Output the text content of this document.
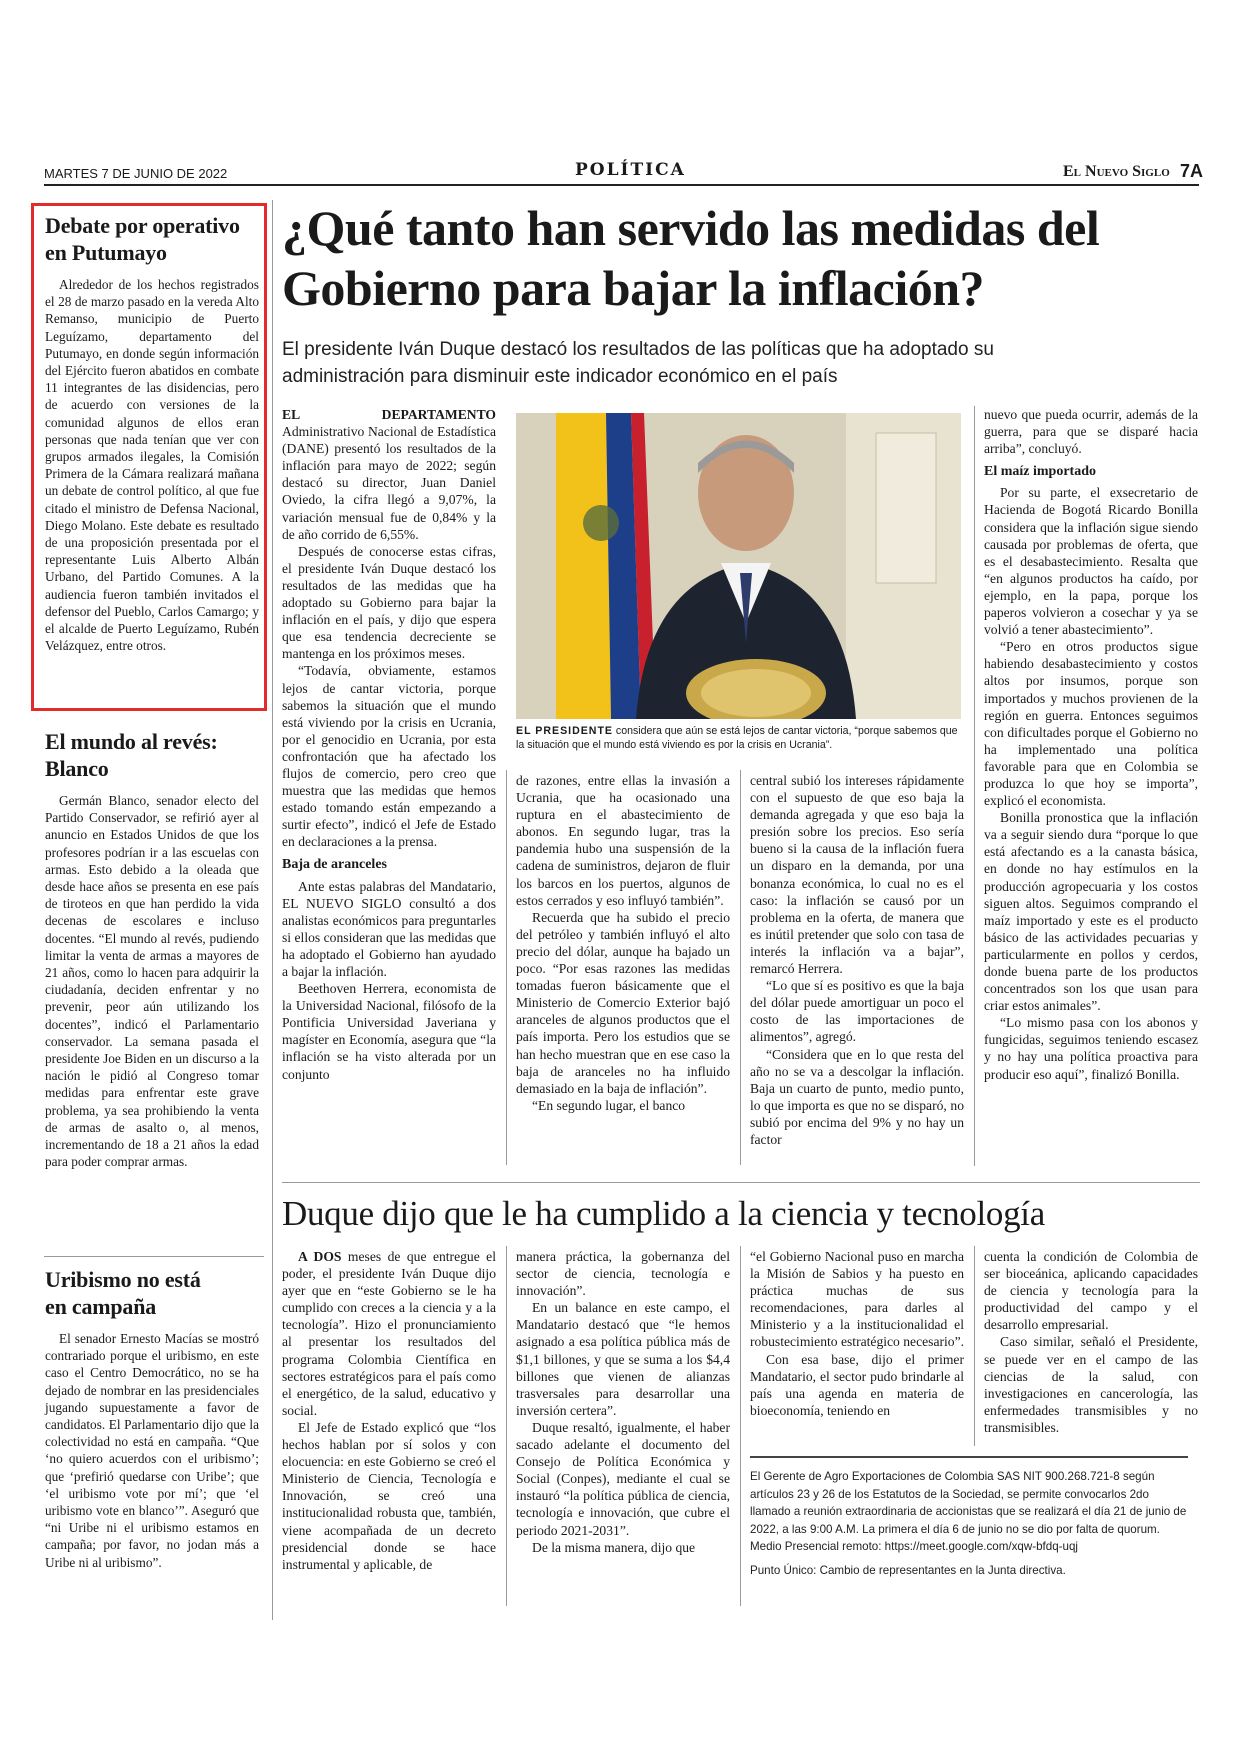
MARTES 7 DE JUNIO DE 2022	POLÍTICA	El Nuevo Siglo 7A
Debate por operativo en Putumayo

Alrededor de los hechos registrados el 28 de marzo pasado en la vereda Alto Remanso, municipio de Puerto Leguízamo, departamento del Putumayo, en donde según información del Ejército fueron abatidos en combate 11 integrantes de las disidencias, pero de acuerdo con versiones de la comunidad algunos de ellos eran personas que nada tenían que ver con grupos armados ilegales, la Comisión Primera de la Cámara realizará mañana un debate de control político, al que fue citado el ministro de Defensa Nacional, Diego Molano. Este debate es resultado de una proposición presentada por el representante Luis Alberto Albán Urbano, del Partido Comunes. A la audiencia fueron también invitados el defensor del Pueblo, Carlos Camargo; y el alcalde de Puerto Leguízamo, Rubén Velázquez, entre otros.

El mundo al revés: Blanco

Germán Blanco, senador electo del Partido Conservador, se refirió ayer al anuncio en Estados Unidos de que los profesores podrían ir a las escuelas con armas. Esto debido a la oleada que desde hace años se presenta en ese país de tiroteos en que han perdido la vida decenas de escolares e incluso docentes. “El mundo al revés, pudiendo limitar la venta de armas a mayores de 21 años, como lo hacen para adquirir la ciudadanía, deciden enfrentar y no prevenir, peor aún utilizando los docentes”, indicó el Parlamentario conservador. La semana pasada el presidente Joe Biden en un discurso a la nación le pidió al Congreso tomar medidas para enfrentar este grave problema, ya sea prohibiendo la venta de armas de asalto o, al menos, incrementando de 18 a 21 años la edad para poder comprar armas.

Uribismo no está en campaña

El senador Ernesto Macías se mostró contrariado porque el uribismo, en este caso el Centro Democrático, no se ha dejado de nombrar en las presidenciales jugando supuestamente a favor de candidatos. El Parlamentario dijo que la colectividad no está en campaña. “Que ‘no quiero acuerdos con el uribismo’; que ‘prefirió quedarse con Uribe’; que ‘el uribismo vote por mí’; que ‘el uribismo vote en blanco’”. Aseguró que “ni Uribe ni el uribismo estamos en campaña; por favor, no jodan más a Uribe ni al uribismo”.

¿Qué tanto han servido las medidas del Gobierno para bajar la inflación?
El presidente Iván Duque destacó los resultados de las políticas que ha adoptado su administración para disminuir este indicador económico en el país

EL DEPARTAMENTO Administrativo Nacional de Estadística (DANE) presentó los resultados de la inflación para mayo de 2022; según destacó su director, Juan Daniel Oviedo, la cifra llegó a 9,07%, la variación mensual fue de 0,84% y la de año corrido de 6,55%.

Después de conocerse estas cifras, el presidente Iván Duque destacó los resultados de las medidas que ha adoptado su Gobierno para bajar la inflación en el país, y dijo que espera que esa tendencia decreciente se mantenga en los próximos meses.

“Todavía, obviamente, estamos lejos de cantar victoria, porque sabemos la situación que el mundo está viviendo por la crisis en Ucrania, por el genocidio en Ucrania, por esta confrontación que ha afectado los flujos de comercio, pero creo que muestra que las medidas que hemos estado tomando están empezando a surtir efecto”, indicó el Jefe de Estado en declaraciones a la prensa.

Baja de aranceles

Ante estas palabras del Mandatario, EL NUEVO SIGLO consultó a dos analistas económicos para preguntarles si ellos consideran que las medidas que ha adoptado el Gobierno han ayudado a bajar la inflación.

Beethoven Herrera, economista de la Universidad Nacional, filósofo de la Pontificia Universidad Javeriana y magíster en Economía, asegura que “la inflación se ha visto alterada por un conjunto

EL PRESIDENTE considera que aún se está lejos de cantar victoria, “porque sabemos que la situación que el mundo está viviendo es por la crisis en Ucrania”.

de razones, entre ellas la invasión a Ucrania, que ha ocasionado una ruptura en el abastecimiento de abonos. En segundo lugar, tras la pandemia hubo una suspensión de la cadena de suministros, dejaron de fluir los barcos en los puertos, algunos de estos cerrados y eso influyó también”.

Recuerda que ha subido el precio del petróleo y también influyó el alto precio del dólar, aunque ha bajado un poco. “Por esas razones las medidas tomadas fueron básicamente que el Ministerio de Comercio Exterior bajó aranceles de algunos productos que el país importa. Pero los estudios que se han hecho muestran que en ese caso la baja de aranceles no ha influido demasiado en la baja de inflación”.

“En segundo lugar, el banco

central subió los intereses rápidamente con el supuesto de que eso baja la demanda agregada y que eso baja la presión sobre los precios. Eso sería bueno si la causa de la inflación fuera un disparo en la demanda, por una bonanza económica, lo cual no es el caso: la inflación se causó por un problema en la oferta, de manera que es inútil pretender que solo con tasa de interés la inflación va a bajar”, remarcó Herrera.

“Lo que sí es positivo es que la baja del dólar puede amortiguar un poco el costo de las importaciones de alimentos”, agregó.

“Considera que en lo que resta del año no se va a descolgar la inflación. Baja un cuarto de punto, medio punto, lo que importa es que no se disparó, no subió por encima del 9% y no hay un factor

nuevo que pueda ocurrir, además de la guerra, para que se disparé hacia arriba”, concluyó.

El maíz importado

Por su parte, el exsecretario de Hacienda de Bogotá Ricardo Bonilla considera que la inflación sigue siendo causada por problemas de oferta, que es el desabastecimiento. Resalta que “en algunos productos ha caído, por ejemplo, en la papa, porque los paperos volvieron a cosechar y ya se volvió a tener abastecimiento”.

“Pero en otros productos sigue habiendo desabastecimiento y costos altos por insumos, porque son importados y muchos provienen de la región en guerra. Entonces seguimos con dificultades porque el Gobierno no ha implementado una política favorable para que en Colombia se produzca lo que hoy se importa”, explicó el economista.

Bonilla pronostica que la inflación va a seguir siendo dura “porque lo que está afectando es a la canasta básica, en donde no hay estímulos en la producción agropecuaria y los costos siguen altos. Seguimos comprando el maíz importado y este es el producto básico de las actividades pecuarias y particularmente en pollos y cerdos, donde buena parte de los productos concentrados son los que usan para criar estos animales”.

“Lo mismo pasa con los abonos y fungicidas, seguimos teniendo escasez y no hay una política proactiva para producir eso aquí”, finalizó Bonilla.

Duque dijo que le ha cumplido a la ciencia y tecnología

A DOS meses de que entregue el poder, el presidente Iván Duque dijo ayer que en “este Gobierno se le ha cumplido con creces a la ciencia y a la tecnología”. Hizo el pronunciamiento al presentar los resultados del programa Colombia Científica en sectores estratégicos para el país como el energético, de la salud, educativo y social.

El Jefe de Estado explicó que “los hechos hablan por sí solos y con elocuencia: en este Gobierno se creó el Ministerio de Ciencia, Tecnología e Innovación, se creó una institucionalidad robusta que, también, viene acompañada de un decreto presidencial donde se hace instrumental y aplicable, de

manera práctica, la gobernanza del sector de ciencia, tecnología e innovación”.

En un balance en este campo, el Mandatario destacó que “le hemos asignado a esa política pública más de $1,1 billones, y que se suma a los $4,4 billones que vienen de alianzas trasversales para desarrollar una inversión certera”.

Duque resaltó, igualmente, el haber sacado adelante el documento del Consejo de Política Económica y Social (Conpes), mediante el cual se instauró “la política pública de ciencia, tecnología e innovación, que cubre el periodo 2021-2031”.

De la misma manera, dijo que

“el Gobierno Nacional puso en marcha la Misión de Sabios y ha puesto en práctica muchas de sus recomendaciones, para darles al Ministerio y a la institucionalidad el robustecimiento estratégico necesario”.

Con esa base, dijo el primer Mandatario, el sector pudo brindarle al país una agenda en materia de bioeconomía, teniendo en

cuenta la condición de Colombia de ser bioceánica, aplicando capacidades de ciencia y tecnología para la productividad del campo y el desarrollo empresarial.

Caso similar, señaló el Presidente, se puede ver en el campo de las ciencias de la salud, con investigaciones en cancerología, las enfermedades transmisibles y no transmisibles.

El Gerente de Agro Exportaciones de Colombia SAS NIT 900.268.721-8 según artículos 23 y 26 de los Estatutos de la Sociedad, se permite convocarlos 2do llamado a reunión extraordinaria de accionistas que se realizará el día 21 de junio de 2022, a las 9:00 A.M. La primera el día 6 de junio no se dio por falta de quorum. Medio Presencial remoto: https://meet.google.com/xqw-bfdq-uqj
Punto Único: Cambio de representantes en la Junta directiva.
